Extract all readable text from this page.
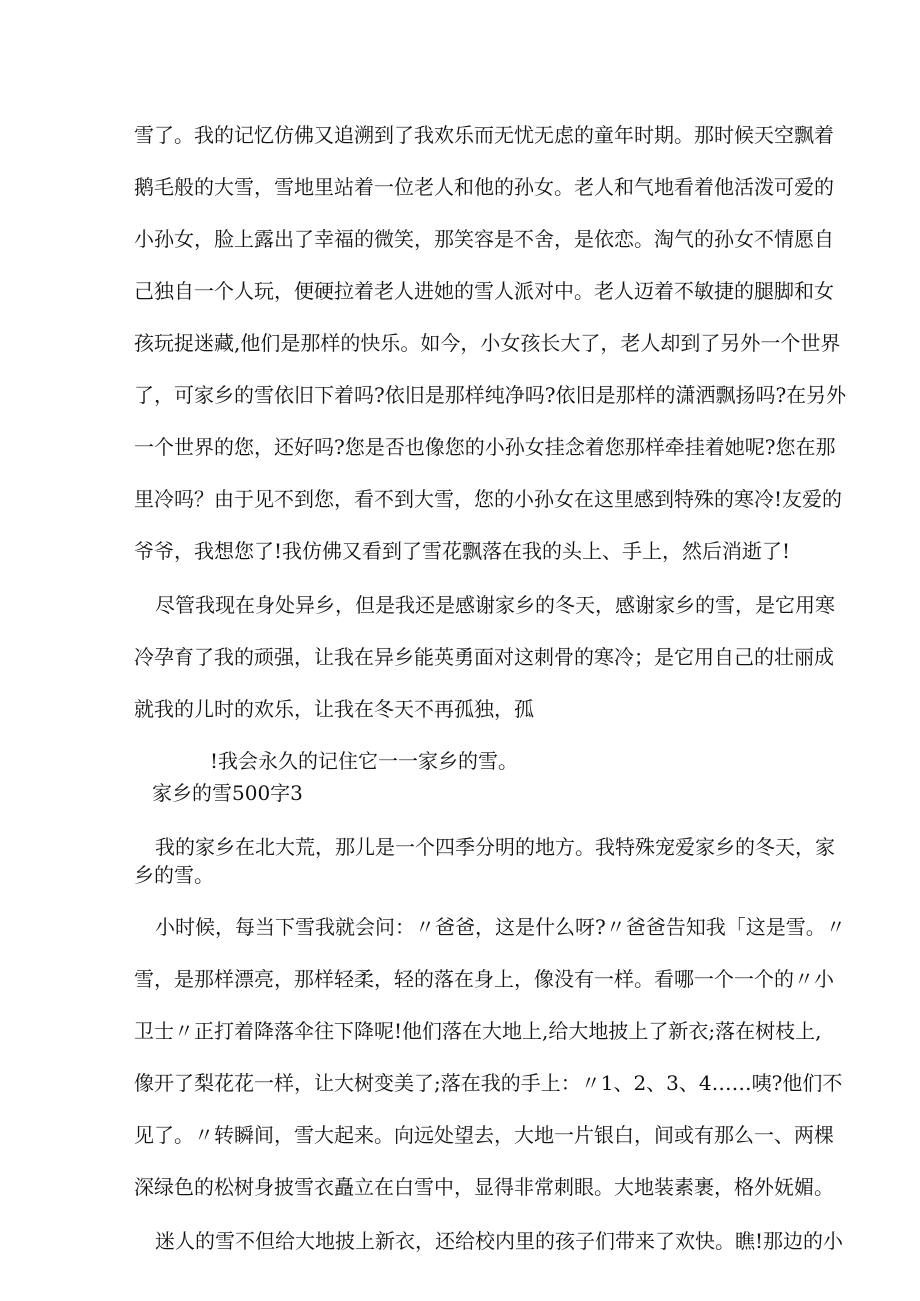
雪了。我的记忆仿佛又追溯到了我欢乐而无忧无虑的童年时期。那时候天空飘着
鹅毛般的大雪，雪地里站着一位老人和他的孙女。老人和气地看着他活泼可爱的
小孙女，脸上露出了幸福的微笑，那笑容是不舍，是依恋。淘气的孙女不情愿自
己独自一个人玩，便硬拉着老人进她的雪人派对中。老人迈着不敏捷的腿脚和女
孩玩捉迷藏,他们是那样的快乐。如今，小女孩长大了，老人却到了另外一个世界
了，可家乡的雪依旧下着吗?依旧是那样纯净吗?依旧是那样的潇洒飘扬吗?在另外
一个世界的您，还好吗?您是否也像您的小孙女挂念着您那样牵挂着她呢?您在那
里冷吗？由于见不到您，看不到大雪，您的小孙女在这里感到特殊的寒冷!友爱的
爷爷，我想您了!我仿佛又看到了雪花飘落在我的头上、手上，然后消逝了!
尽管我现在身处异乡，但是我还是感谢家乡的冬天，感谢家乡的雪，是它用寒
冷孕育了我的顽强，让我在异乡能英勇面对这刺骨的寒冷；是它用自己的壮丽成
就我的儿时的欢乐，让我在冬天不再孤独，孤
!我会永久的记住它一一家乡的雪。
家乡的雪500字3
我的家乡在北大荒，那儿是一个四季分明的地方。我特殊宠爱家乡的冬天，家
乡的雪。
小时候，每当下雪我就会问：〃爸爸，这是什么呀?〃爸爸告知我「这是雪。〃
雪，是那样漂亮，那样轻柔，轻的落在身上，像没有一样。看哪一个一个的〃小
卫士〃正打着降落伞往下降呢!他们落在大地上,给大地披上了新衣;落在树枝上,
像开了梨花花一样，让大树变美了;落在我的手上：〃1、2、3、4……咦?他们不
见了。〃转瞬间，雪大起来。向远处望去，大地一片银白，间或有那么一、两棵
深绿色的松树身披雪衣矗立在白雪中，显得非常刺眼。大地装素裹，格外妩媚。
迷人的雪不但给大地披上新衣，还给校内里的孩子们带来了欢快。瞧!那边的小
